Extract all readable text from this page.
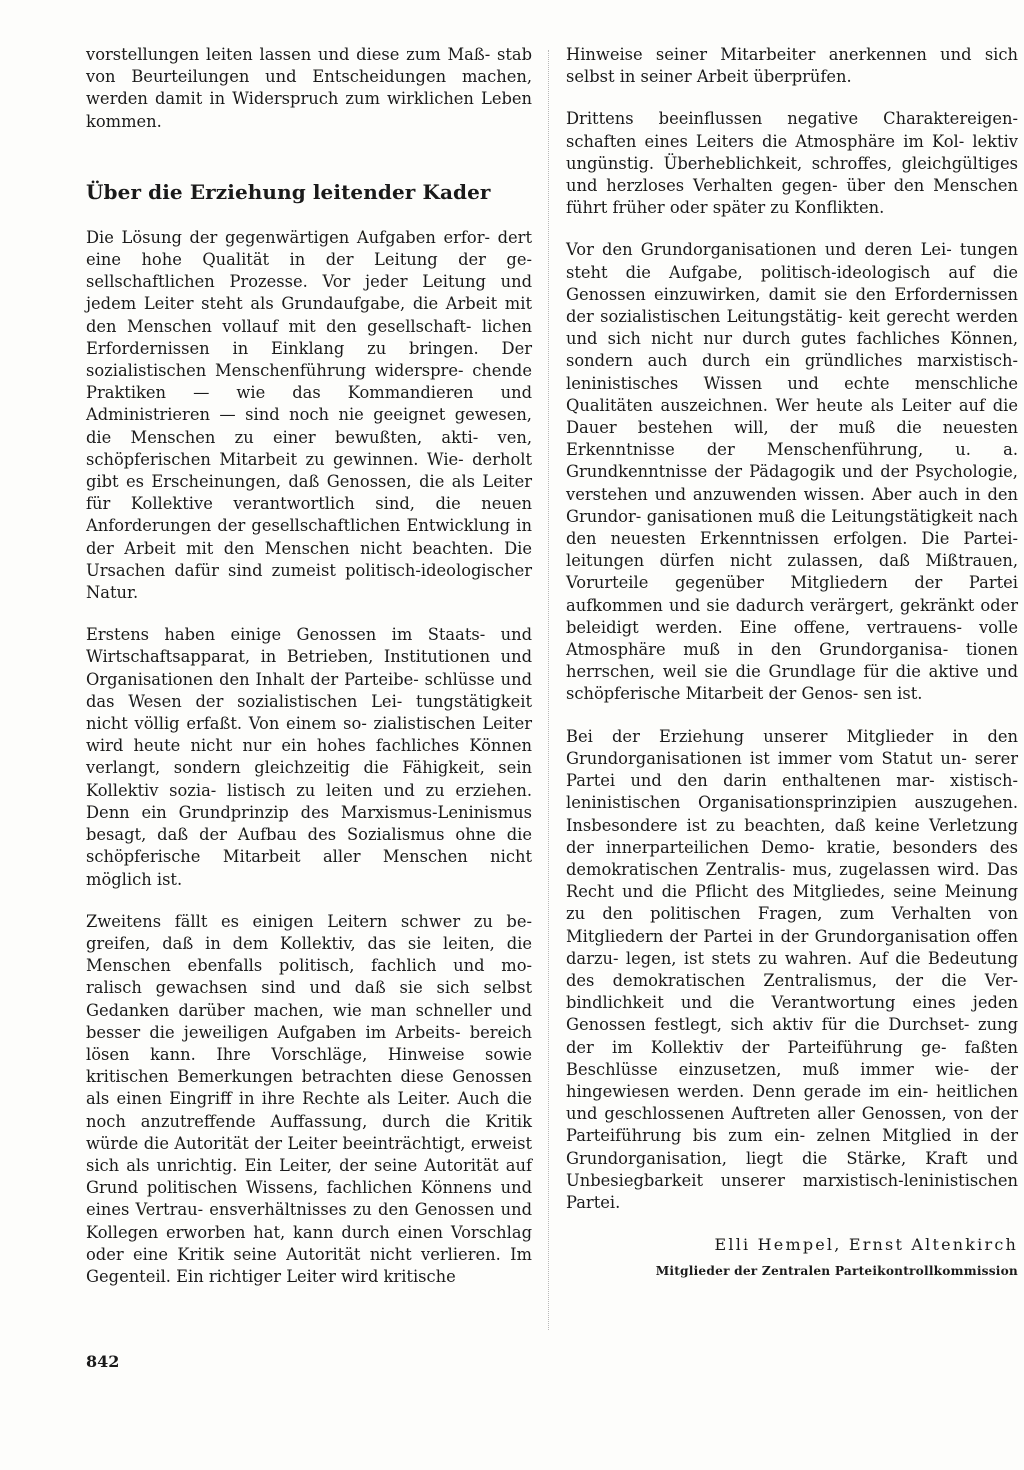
vorstellungen leiten lassen und diese zum Maß- stab von Beurteilungen und Entscheidungen machen, werden damit in Widerspruch zum wirklichen Leben kommen.

Über die Erziehung leitender Kader

Die Lösung der gegenwärtigen Aufgaben erfor- dert eine hohe Qualität in der Leitung der ge- sellschaftlichen Prozesse. Vor jeder Leitung und jedem Leiter steht als Grundaufgabe, die Arbeit mit den Menschen vollauf mit den gesellschaft- lichen Erfordernissen in Einklang zu bringen. Der sozialistischen Menschenführung widerspre- chende Praktiken — wie das Kommandieren und Administrieren — sind noch nie geeignet gewesen, die Menschen zu einer bewußten, akti- ven, schöpferischen Mitarbeit zu gewinnen. Wie- derholt gibt es Erscheinungen, daß Genossen, die als Leiter für Kollektive verantwortlich sind, die neuen Anforderungen der gesellschaftlichen Entwicklung in der Arbeit mit den Menschen nicht beachten. Die Ursachen dafür sind zumeist politisch-ideologischer Natur.

Erstens haben einige Genossen im Staats- und Wirtschaftsapparat, in Betrieben, Institutionen und Organisationen den Inhalt der Parteibe- schlüsse und das Wesen der sozialistischen Lei- tungstätigkeit nicht völlig erfaßt. Von einem so- zialistischen Leiter wird heute nicht nur ein hohes fachliches Können verlangt, sondern gleichzeitig die Fähigkeit, sein Kollektiv sozia- listisch zu leiten und zu erziehen. Denn ein Grundprinzip des Marxismus-Leninismus besagt, daß der Aufbau des Sozialismus ohne die schöpferische Mitarbeit aller Menschen nicht möglich ist.

Zweitens fällt es einigen Leitern schwer zu be- greifen, daß in dem Kollektiv, das sie leiten, die Menschen ebenfalls politisch, fachlich und mo- ralisch gewachsen sind und daß sie sich selbst Gedanken darüber machen, wie man schneller und besser die jeweiligen Aufgaben im Arbeits- bereich lösen kann. Ihre Vorschläge, Hinweise sowie kritischen Bemerkungen betrachten diese Genossen als einen Eingriff in ihre Rechte als Leiter. Auch die noch anzutreffende Auffassung, durch die Kritik würde die Autorität der Leiter beeinträchtigt, erweist sich als unrichtig. Ein Leiter, der seine Autorität auf Grund politischen Wissens, fachlichen Könnens und eines Vertrau- ensverhältnisses zu den Genossen und Kollegen erworben hat, kann durch einen Vorschlag oder eine Kritik seine Autorität nicht verlieren. Im Gegenteil. Ein richtiger Leiter wird kritische

Hinweise seiner Mitarbeiter anerkennen und sich selbst in seiner Arbeit überprüfen.

Drittens beeinflussen negative Charaktereigen- schaften eines Leiters die Atmosphäre im Kol- lektiv ungünstig. Überheblichkeit, schroffes, gleichgültiges und herzloses Verhalten gegen- über den Menschen führt früher oder später zu Konflikten.

Vor den Grundorganisationen und deren Lei- tungen steht die Aufgabe, politisch-ideologisch auf die Genossen einzuwirken, damit sie den Erfordernissen der sozialistischen Leitungstätig- keit gerecht werden und sich nicht nur durch gutes fachliches Können, sondern auch durch ein gründliches marxistisch-leninistisches Wissen und echte menschliche Qualitäten auszeichnen. Wer heute als Leiter auf die Dauer bestehen will, der muß die neuesten Erkenntnisse der Menschenführung, u. a. Grundkenntnisse der Pädagogik und der Psychologie, verstehen und anzuwenden wissen. Aber auch in den Grundor- ganisationen muß die Leitungstätigkeit nach den neuesten Erkenntnissen erfolgen. Die Partei- leitungen dürfen nicht zulassen, daß Mißtrauen, Vorurteile gegenüber Mitgliedern der Partei aufkommen und sie dadurch verärgert, gekränkt oder beleidigt werden. Eine offene, vertrauens- volle Atmosphäre muß in den Grundorganisa- tionen herrschen, weil sie die Grundlage für die aktive und schöpferische Mitarbeit der Genos- sen ist.

Bei der Erziehung unserer Mitglieder in den Grundorganisationen ist immer vom Statut un- serer Partei und den darin enthaltenen mar- xistisch-leninistischen Organisationsprinzipien auszugehen. Insbesondere ist zu beachten, daß keine Verletzung der innerparteilichen Demo- kratie, besonders des demokratischen Zentralis- mus, zugelassen wird. Das Recht und die Pflicht des Mitgliedes, seine Meinung zu den politischen Fragen, zum Verhalten von Mitgliedern der Partei in der Grundorganisation offen darzu- legen, ist stets zu wahren. Auf die Bedeutung des demokratischen Zentralismus, der die Ver- bindlichkeit und die Verantwortung eines jeden Genossen festlegt, sich aktiv für die Durchset- zung der im Kollektiv der Parteiführung ge- faßten Beschlüsse einzusetzen, muß immer wie- der hingewiesen werden. Denn gerade im ein- heitlichen und geschlossenen Auftreten aller Genossen, von der Parteiführung bis zum ein- zelnen Mitglied in der Grundorganisation, liegt die Stärke, Kraft und Unbesiegbarkeit unserer marxistisch-leninistischen Partei.

Elli Hempel, Ernst Altenkirch
Mitglieder der Zentralen Parteikontrollkommission
842
